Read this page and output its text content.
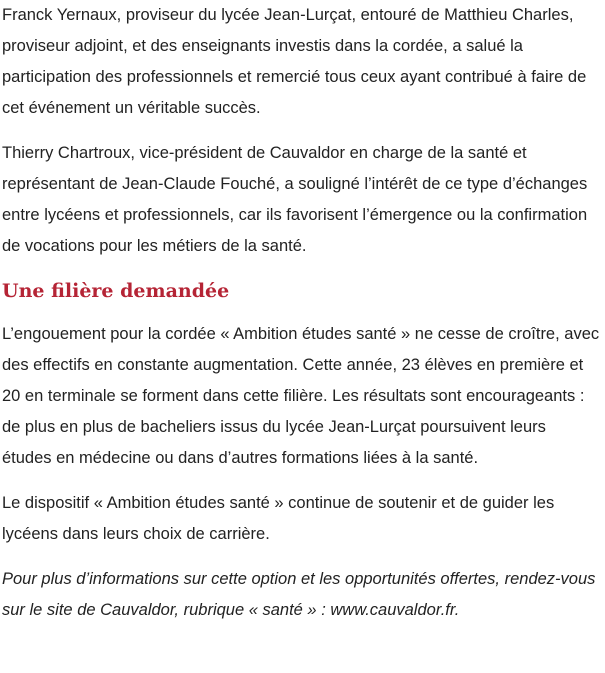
Franck Yernaux, proviseur du lycée Jean-Lurçat, entouré de Matthieu Charles, proviseur adjoint, et des enseignants investis dans la cordée, a salué la participation des professionnels et remercié tous ceux ayant contribué à faire de cet événement un véritable succès.

Thierry Chartroux, vice-président de Cauvaldor en charge de la santé et représentant de Jean-Claude Fouché, a souligné l’intérêt de ce type d’échanges entre lycéens et professionnels, car ils favorisent l’émergence ou la confirmation de vocations pour les métiers de la santé.

Une filière demandée

L’engouement pour la cordée « Ambition études santé » ne cesse de croître, avec des effectifs en constante augmentation. Cette année, 23 élèves en première et 20 en terminale se forment dans cette filière. Les résultats sont encourageants : de plus en plus de bacheliers issus du lycée Jean-Lurçat poursuivent leurs études en médecine ou dans d’autres formations liées à la santé.

Le dispositif « Ambition études santé » continue de soutenir et de guider les lycéens dans leurs choix de carrière.

Pour plus d’informations sur cette option et les opportunités offertes, rendez-vous sur le site de Cauvaldor, rubrique « santé » : www.cauvaldor.fr.
